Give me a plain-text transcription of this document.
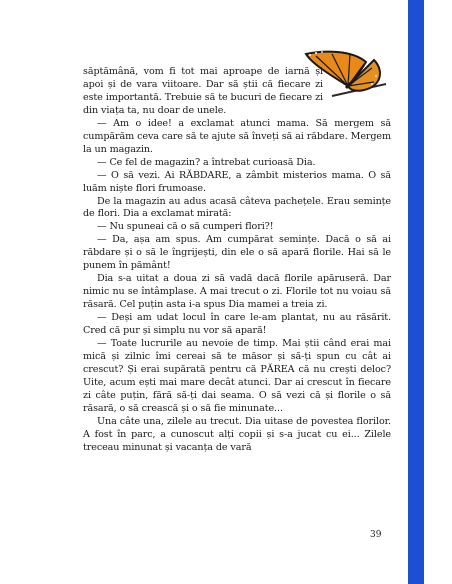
săptămână, vom fi tot mai aproape de iarnă și apoi și de vara viitoare. Dar să știi că fiecare zi este importantă. Trebuie să te bucuri de fiecare zi din viața ta, nu doar de unele.

— Am o idee! a exclamat atunci mama. Să mergem să cumpărăm ceva care să te ajute să înveți să ai răbdare. Mergem la un magazin.

— Ce fel de magazin? a întrebat curioasă Dia.

— O să vezi. Ai RĂBDARE, a zâmbit misterios mama. O să luăm niște flori frumoase.

De la magazin au adus acasă câteva pachețele. Erau semințe de flori. Dia a exclamat mirată:

— Nu spuneai că o să cumperi flori?!

— Da, așa am spus. Am cumpărat semințe. Dacă o să ai răbdare și o să le îngrijești, din ele o să apară florile. Hai să le punem în pământ!

Dia s-a uitat a doua zi să vadă dacă florile apăruseră. Dar nimic nu se întâmplase. A mai trecut o zi. Florile tot nu voiau să răsară. Cel puțin asta i-a spus Dia mamei a treia zi.

— Deși am udat locul în care le-am plantat, nu au răsărit. Cred că pur și simplu nu vor să apară!

— Toate lucrurile au nevoie de timp. Mai știi când erai mai mică și zilnic îmi cereai să te măsor și să-ți spun cu cât ai crescut? Și erai supărată pentru că PĂREA că nu crești deloc? Uite, acum ești mai mare decât atunci. Dar ai crescut în fiecare zi câte puțin, fără să-ți dai seama. O să vezi că și florile o să răsară, o să crească și o să fie minunate...

Una câte una, zilele au trecut. Dia uitase de povestea florilor. A fost în parc, a cunoscut alți copii și s-a jucat cu ei... Zilele treceau minunat și vacanța de vară

39
